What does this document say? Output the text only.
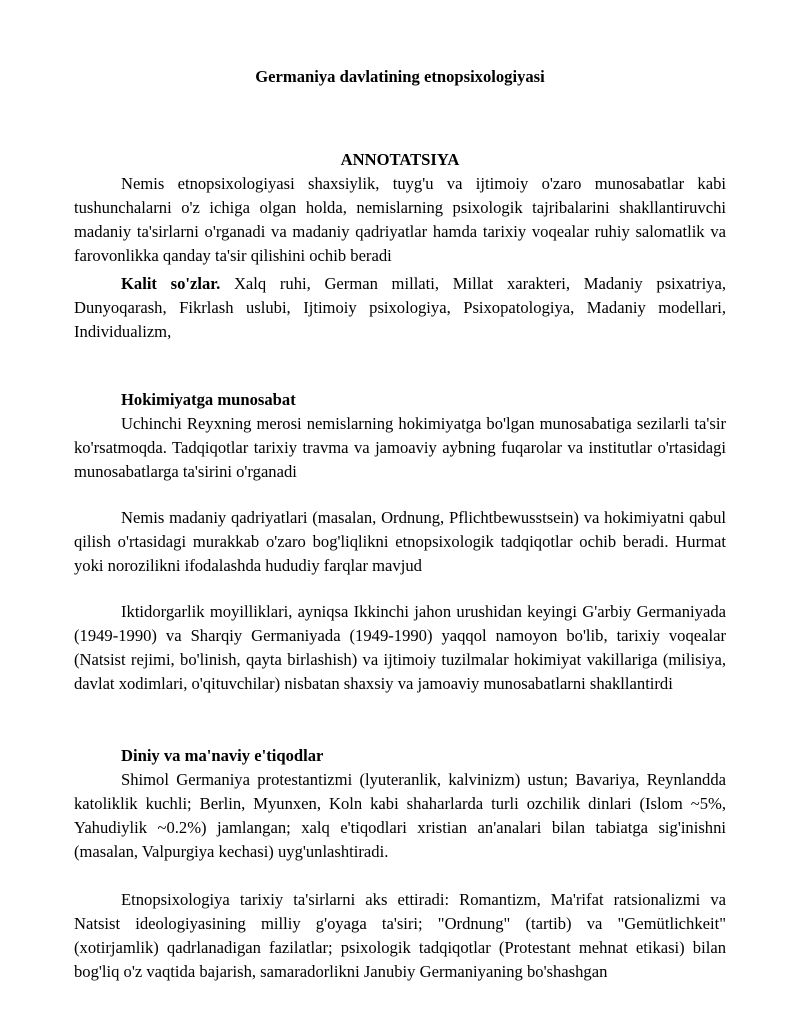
Germaniya davlatining etnopsixologiyasi
ANNOTATSIYA

Nemis etnopsixologiyasi shaxsiylik, tuyg'u va ijtimoiy o'zaro munosabatlar kabi tushunchalarni o'z ichiga olgan holda, nemislarning psixologik tajribalarini shakllantiruvchi madaniy ta'sirlarni o'rganadi va madaniy qadriyatlar hamda tarixiy voqealar ruhiy salomatlik va farovonlikka qanday ta'sir qilishini ochib beradi

Kalit so'zlar. Xalq ruhi, German millati, Millat xarakteri, Madaniy psixatriya, Dunyoqarash, Fikrlash uslubi, Ijtimoiy psixologiya, Psixopatologiya, Madaniy modellari, Individualizm,

Hokimiyatga munosabat

Uchinchi Reyxning merosi nemislarning hokimiyatga bo'lgan munosabatiga sezilarli ta'sir ko'rsatmoqda. Tadqiqotlar tarixiy travma va jamoaviy aybning fuqarolar va institutlar o'rtasidagi munosabatlarga ta'sirini o'rganadi

Nemis madaniy qadriyatlari (masalan, Ordnung, Pflichtbewusstsein) va hokimiyatni qabul qilish o'rtasidagi murakkab o'zaro bog'liqlikni etnopsixologik tadqiqotlar ochib beradi. Hurmat yoki norozilikni ifodalashda hududiy farqlar mavjud

Iktidorgarlik moyilliklari, ayniqsa Ikkinchi jahon urushidan keyingi G'arbiy Germaniyada (1949-1990) va Sharqiy Germaniyada (1949-1990) yaqqol namoyon bo'lib, tarixiy voqealar (Natsist rejimi, bo'linish, qayta birlashish) va ijtimoiy tuzilmalar hokimiyat vakillariga (milisiya, davlat xodimlari, o'qituvchilar) nisbatan shaxsiy va jamoaviy munosabatlarni shakllantirdi

Diniy va ma'naviy e'tiqodlar

Shimol Germaniya protestantizmi (lyuteranlik, kalvinizm) ustun; Bavariya, Reynlandda katoliklik kuchli; Berlin, Myunxen, Koln kabi shaharlarda turli ozchilik dinlari (Islom ~5%, Yahudiylik ~0.2%) jamlangan; xalq e'tiqodlari xristian an'analari bilan tabiatga sig'inishni (masalan, Valpurgiya kechasi) uyg'unlashtiradi.

Etnopsixologiya tarixiy ta'sirlarni aks ettiradi: Romantizm, Ma'rifat ratsionalizmi va Natsist ideologiyasining milliy g'oyaga ta'siri; "Ordnung" (tartib) va "Gemütlichkeit" (xotirjamlik) qadrlanadigan fazilatlar; psixologik tadqiqotlar (Protestant mehnat etikasi) bilan bog'liq o'z vaqtida bajarish, samaradorlikni Janubiy Germaniyaning bo'shashgan
